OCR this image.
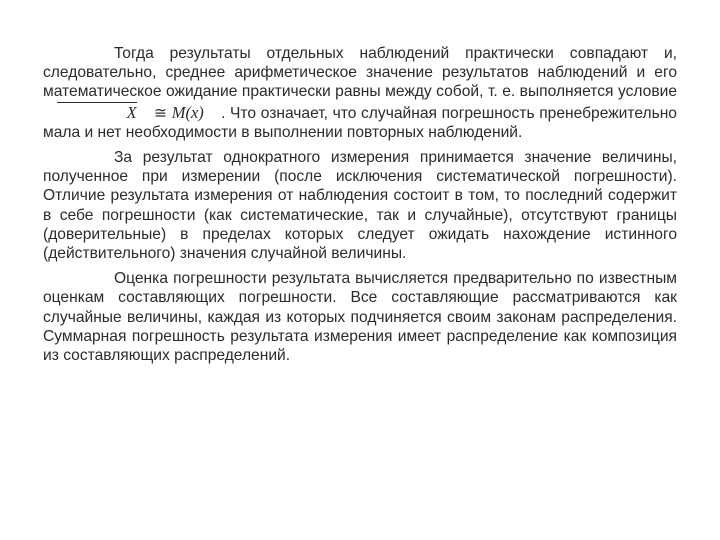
Тогда результаты отдельных наблюдений практически совпадают и, следовательно, среднее арифметическое значение результатов наблюдений и его математическое ожидание практически равны между собой, т. е. выполняется условие  X ≅ M(x) . Что означает, что случайная погрешность пренебрежительно мала и нет необходимости в выполнении повторных наблюдений.

За результат однократного измерения принимается значение величины, полученное при измерении (после исключения систематической погрешности). Отличие результата измерения от наблюдения состоит в том, то последний содержит в себе погрешности (как систематические, так и случайные), отсутствуют границы (доверительные) в пределах которых следует ожидать нахождение истинного (действительного) значения случайной величины.

Оценка погрешности результата вычисляется предварительно по известным оценкам составляющих погрешности. Все составляющие рассматриваются как случайные величины, каждая из которых подчиняется своим законам распределения. Суммарная погрешность результата измерения имеет распределение как композиция из составляющих распределений.
